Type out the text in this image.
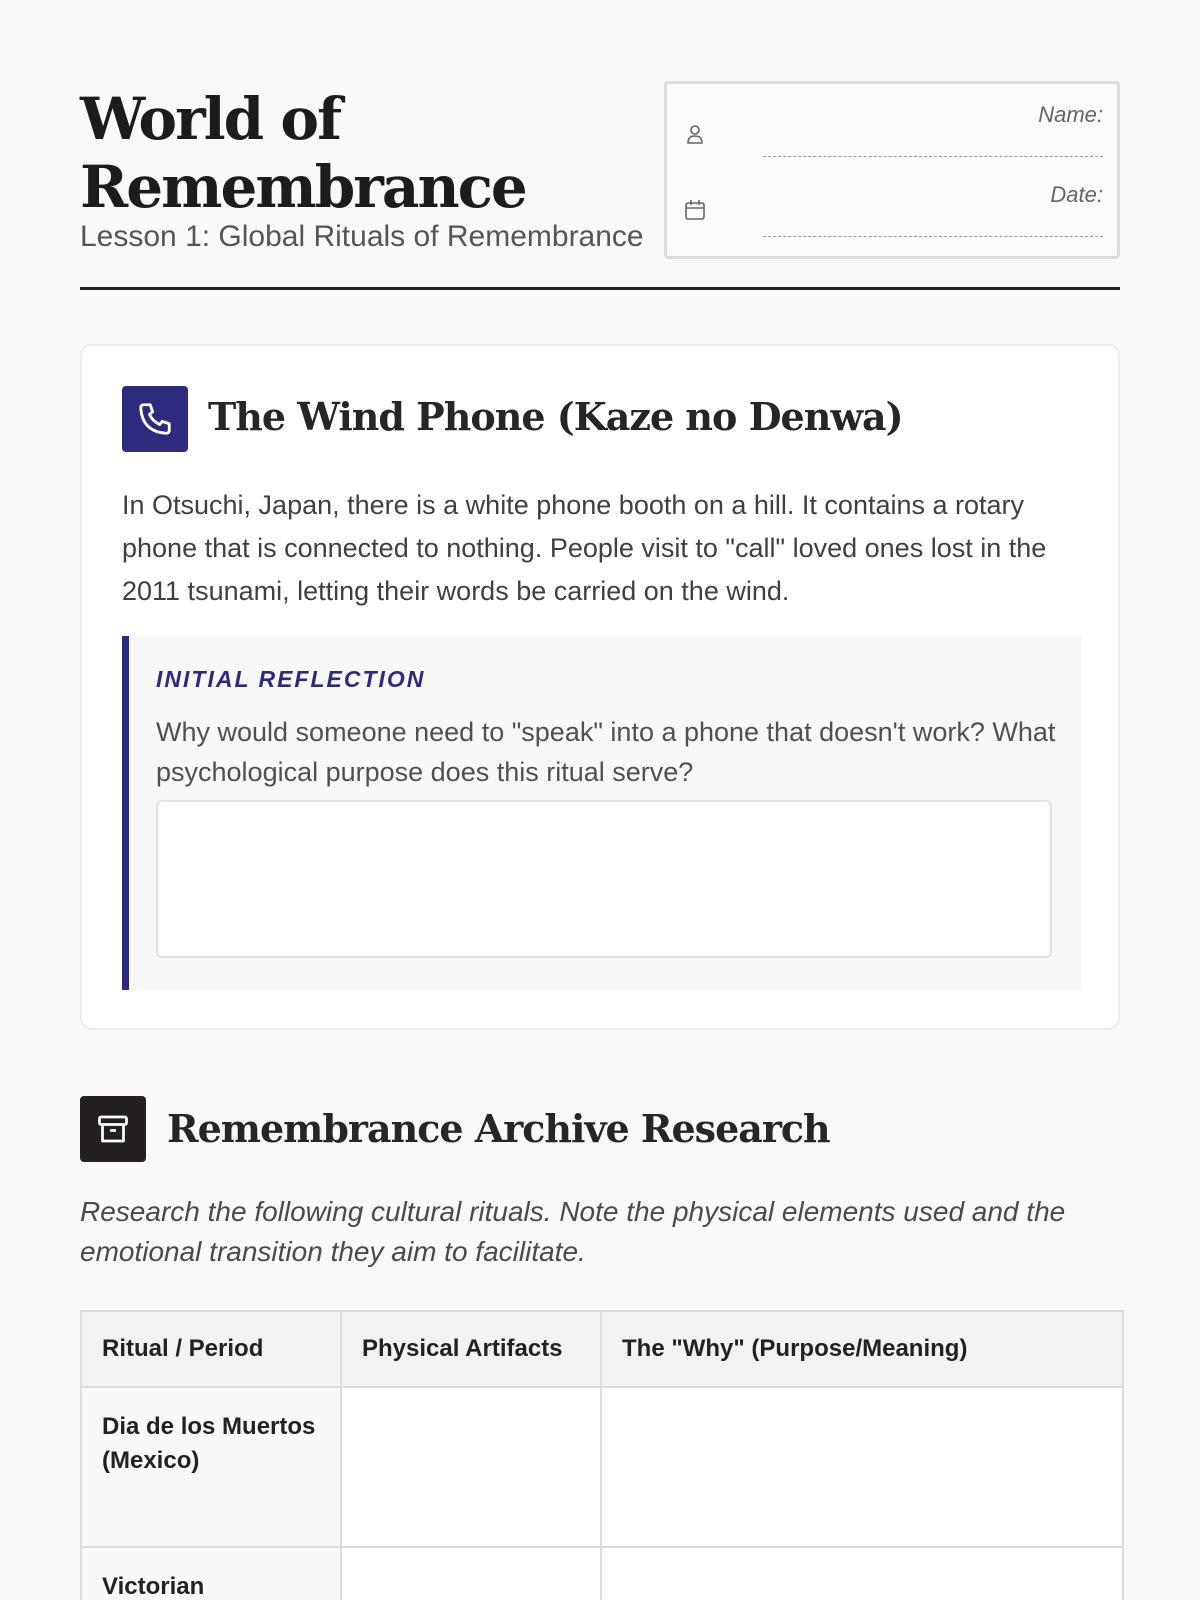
World of
Remembrance
Lesson 1: Global Rituals of Remembrance
Name:
Date:
The Wind Phone (Kaze no Denwa)
In Otsuchi, Japan, there is a white phone booth on a hill. It contains a rotary phone that is connected to nothing. People visit to "call" loved ones lost in the 2011 tsunami, letting their words be carried on the wind.
INITIAL REFLECTION
Why would someone need to "speak" into a phone that doesn't work? What psychological purpose does this ritual serve?
Remembrance Archive Research
Research the following cultural rituals. Note the physical elements used and the emotional transition they aim to facilitate.
Ritual / Period	Physical Artifacts	The "Why" (Purpose/Meaning)
Dia de los Muertos (Mexico)		
Victorian		
